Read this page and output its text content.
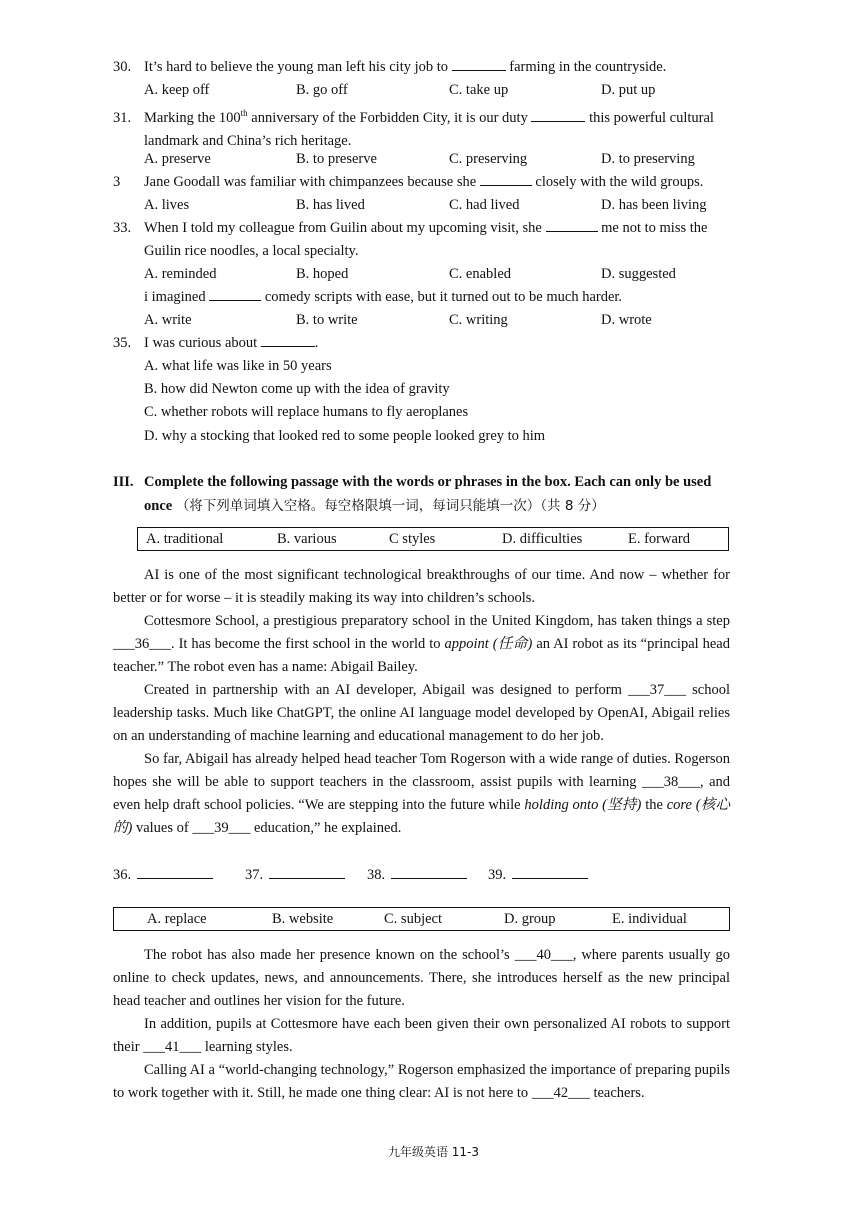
30. It’s hard to believe the young man left his city job to	farming in the countryside.
A. keep off	B. go off	C. take up	D. put up
31. Marking the 100th anniversary of the Forbidden City, it is our duty	this powerful cultural
landmark and China’s rich heritage.
A. preserve	B. to preserve	C. preserving	D. to preserving
3 Jane Goodall was familiar with chimpanzees because she	closely with the wild groups.
A. lives	B. has lived	C. had lived	D. has been living
33. When I told my colleague from Guilin about my upcoming visit, she	me not to miss the
Guilin rice noodles, a local specialty.
A. reminded	B. hoped	C. enabled	D. suggested
i imagined	comedy scripts with ease, but it turned out to be much harder.
A. write	B. to write	C. writing	D. wrote
35. I was curious about	.
A. what life was like in 50 years
B. how did Newton come up with the idea of gravity
C. whether robots will replace humans to fly aeroplanes
D. why a stocking that looked red to some people looked grey to him
III. Complete the following passage with the words or phrases in the box. Each can only be used
once （将下列单词填入空格。每空格限填一词，每词只能填一次）（共 8 分）
A. traditional	B. various	C styles	D. difficulties	E. forward

AI is one of the most significant technological breakthroughs of our time. And now – whether for better or for worse – it is steadily making its way into children’s schools.

Cottesmore School, a prestigious preparatory school in the United Kingdom, has taken things a step ___36___. It has become the first school in the world to appoint (任命) an AI robot as its “principal head teacher.” The robot even has a name: Abigail Bailey.

Created in partnership with an AI developer, Abigail was designed to perform ___37___ school leadership tasks. Much like ChatGPT, the online AI language model developed by OpenAI, Abigail relies on an understanding of machine learning and educational management to do her job.

So far, Abigail has already helped head teacher Tom Rogerson with a wide range of duties. Rogerson hopes she will be able to support teachers in the classroom, assist pupils with learning ___38___, and even help draft school policies. “We are stepping into the future while holding onto (坚持) the core (核心的) values of ___39___ education,” he explained.

36.	37.	38.	39.
A. replace	B. website	C. subject	D. group	E. individual

The robot has also made her presence known on the school’s ___40___, where parents usually go online to check updates, news, and announcements. There, she introduces herself as the new principal head teacher and outlines her vision for the future.

In addition, pupils at Cottesmore have each been given their own personalized AI robots to support their ___41___ learning styles.

Calling AI a “world-changing technology,” Rogerson emphasized the importance of preparing pupils to work together with it. Still, he made one thing clear: AI is not here to ___42___ teachers.

九年级英语 11-3
